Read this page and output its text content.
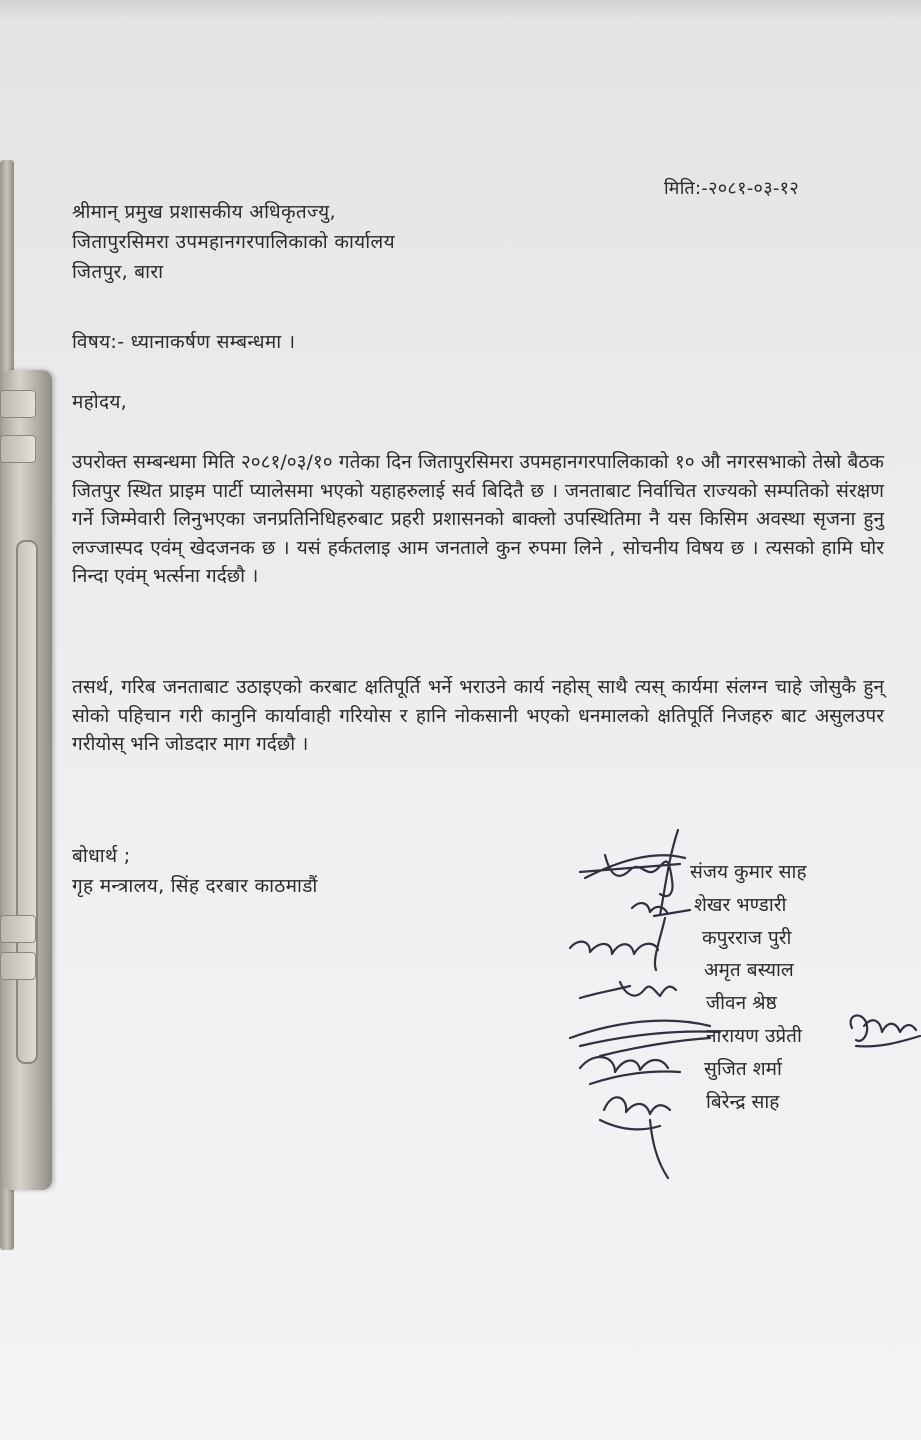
मिति:-२०८१-०३-१२
श्रीमान् प्रमुख प्रशासकीय अधिकृतज्यु,
जितापुरसिमरा उपमहानगरपालिकाको कार्यालय
जितपुर, बारा
विषय:- ध्यानाकर्षण सम्बन्धमा ।
महोदय,
उपरोक्त सम्बन्धमा मिति २०८१/०३/१० गतेका दिन जितापुरसिमरा उपमहानगरपालिकाको १० औ नगरसभाको तेस्रो बैठक जितपुर स्थित प्राइम पार्टी प्यालेसमा भएको यहाहरुलाई सर्व बिदितै छ । जनताबाट निर्वाचित राज्यको सम्पतिको संरक्षण गर्ने जिम्मेवारी लिनुभएका जनप्रतिनिधिहरुबाट प्रहरी प्रशासनको बाक्लो उपस्थितिमा नै यस किसिम अवस्था सृजना हुनु लज्जास्पद एवंम् खेदजनक छ । यसं हर्कतलाइ आम जनताले कुन रुपमा लिने , सोचनीय विषय छ । त्यसको हामि घोर निन्दा एवंम् भर्त्सना गर्दछौ ।
तसर्थ, गरिब जनताबाट उठाइएको करबाट क्षतिपूर्ति भर्ने भराउने कार्य नहोस् साथै त्यस् कार्यमा संलग्न चाहे जोसुकै हुन् सोको पहिचान गरी कानुनि कार्यावाही गरियोस र हानि नोकसानी भएको धनमालको क्षतिपूर्ति निजहरु बाट असुलउपर गरीयोस् भनि जोडदार माग गर्दछौ ।
बोधार्थ ;
गृह मन्त्रालय, सिंह दरबार काठमाडौं
संजय कुमार साह
शेखर भण्डारी
कपुरराज पुरी
अमृत बस्याल
जीवन श्रेष्ठ
नारायण उप्रेती
सुजित शर्मा
बिरेन्द्र साह
